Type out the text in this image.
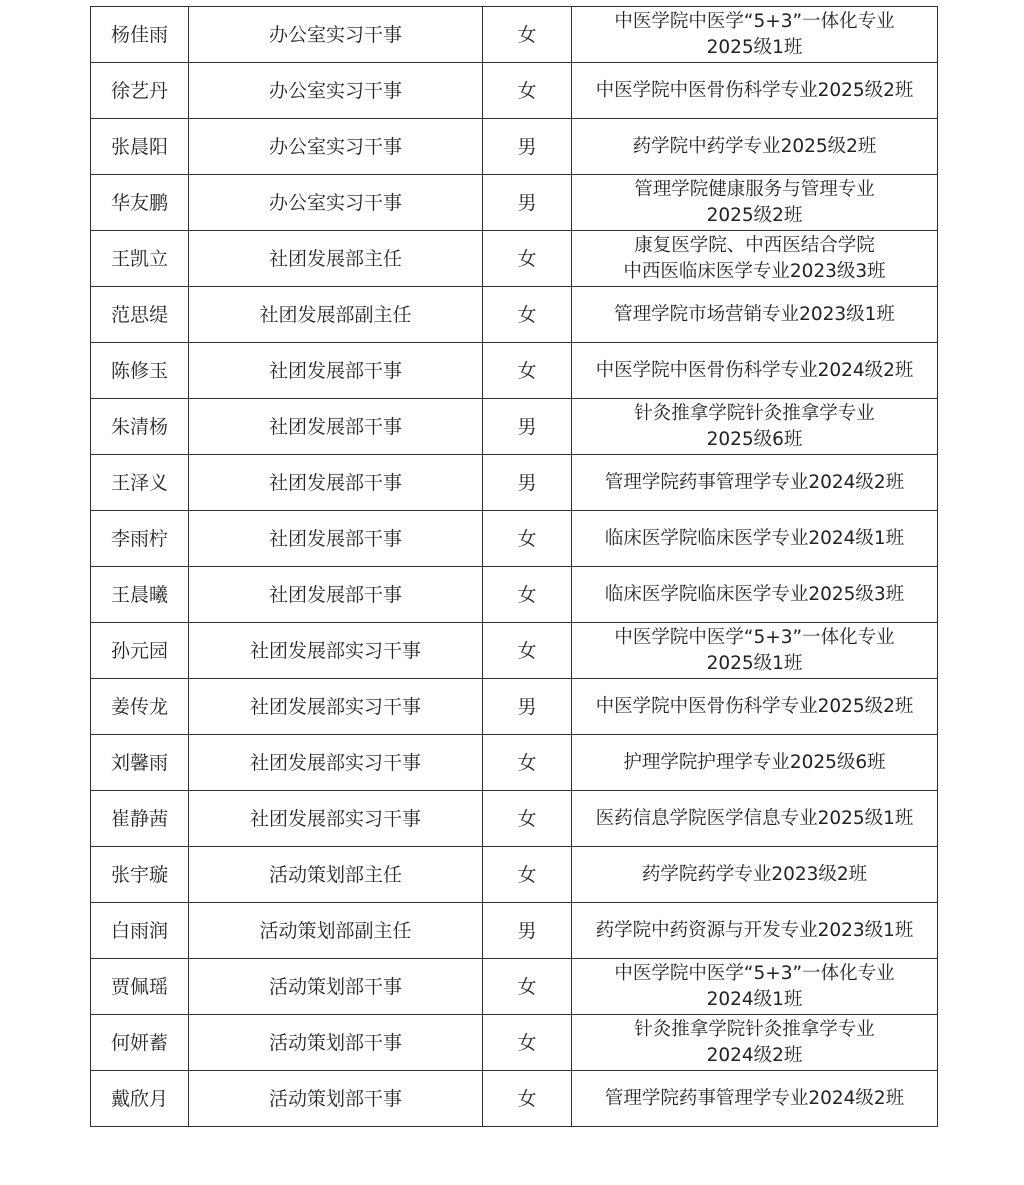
杨佳雨	办公室实习干事	女	中医学院中医学“5+3”一体化专业
2025级1班
徐艺丹	办公室实习干事	女	中医学院中医骨伤科学专业2025级2班
张晨阳	办公室实习干事	男	药学院中药学专业2025级2班
华友鹏	办公室实习干事	男	管理学院健康服务与管理专业
2025级2班
王凯立	社团发展部主任	女	康复医学院、中西医结合学院
中西医临床医学专业2023级3班
范思缇	社团发展部副主任	女	管理学院市场营销专业2023级1班
陈修玉	社团发展部干事	女	中医学院中医骨伤科学专业2024级2班
朱清杨	社团发展部干事	男	针灸推拿学院针灸推拿学专业
2025级6班
王泽义	社团发展部干事	男	管理学院药事管理学专业2024级2班
李雨柠	社团发展部干事	女	临床医学院临床医学专业2024级1班
王晨曦	社团发展部干事	女	临床医学院临床医学专业2025级3班
孙元园	社团发展部实习干事	女	中医学院中医学“5+3”一体化专业
2025级1班
姜传龙	社团发展部实习干事	男	中医学院中医骨伤科学专业2025级2班
刘馨雨	社团发展部实习干事	女	护理学院护理学专业2025级6班
崔静茜	社团发展部实习干事	女	医药信息学院医学信息专业2025级1班
张宇璇	活动策划部主任	女	药学院药学专业2023级2班
白雨润	活动策划部副主任	男	药学院中药资源与开发专业2023级1班
贾佩瑶	活动策划部干事	女	中医学院中医学“5+3”一体化专业
2024级1班
何妍蓄	活动策划部干事	女	针灸推拿学院针灸推拿学专业
2024级2班
戴欣月	活动策划部干事	女	管理学院药事管理学专业2024级2班
